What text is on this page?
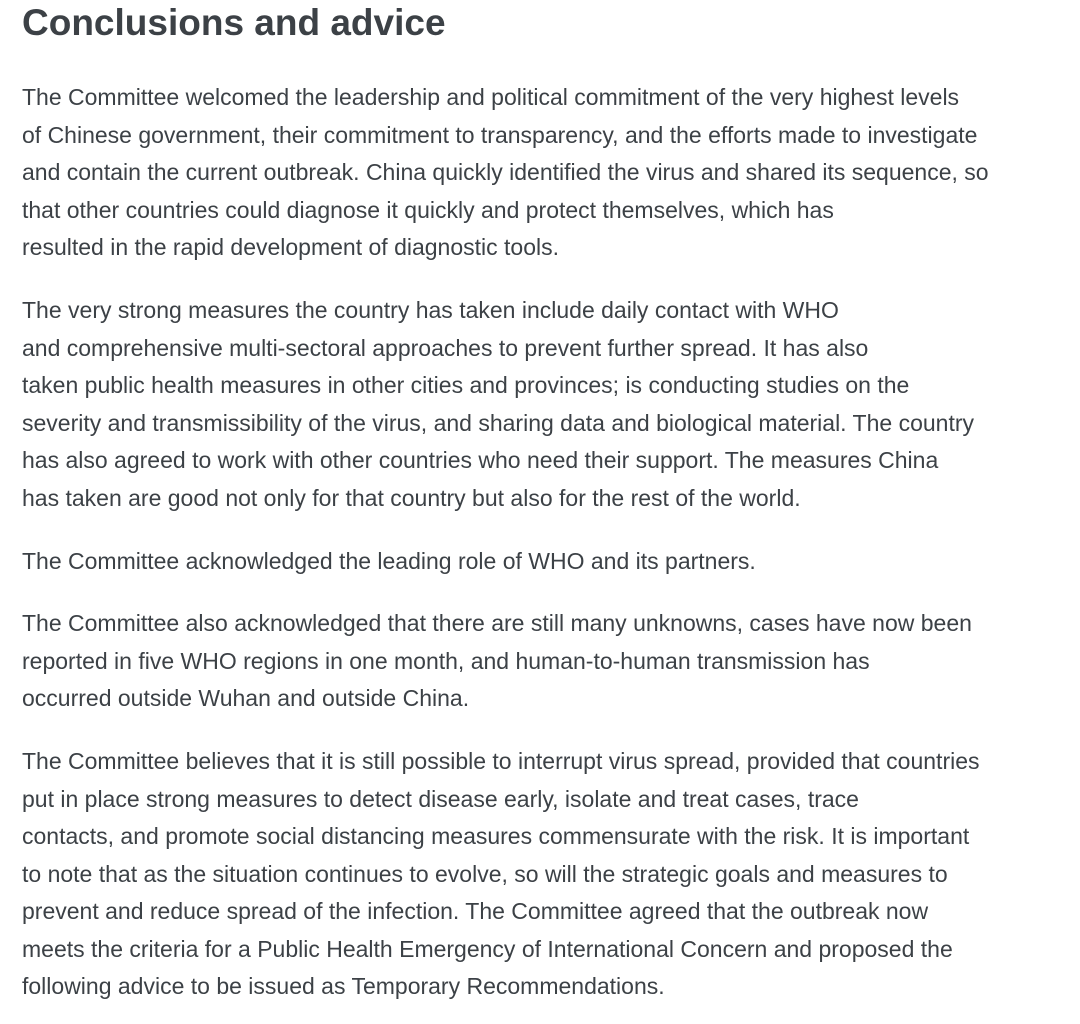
Conclusions and advice

The Committee welcomed the leadership and political commitment of the very highest levels
of Chinese government, their commitment to transparency, and the efforts made to investigate
and contain the current outbreak. China quickly identified the virus and shared its sequence, so
that other countries could diagnose it quickly and protect themselves, which has
resulted in the rapid development of diagnostic tools.

The very strong measures the country has taken include daily contact with WHO
and comprehensive multi-sectoral approaches to prevent further spread. It has also
taken public health measures in other cities and provinces; is conducting studies on the
severity and transmissibility of the virus, and sharing data and biological material. The country
has also agreed to work with other countries who need their support. The measures China
has taken are good not only for that country but also for the rest of the world.

The Committee acknowledged the leading role of WHO and its partners.

The Committee also acknowledged that there are still many unknowns, cases have now been
reported in five WHO regions in one month, and human-to-human transmission has
occurred outside Wuhan and outside China.

The Committee believes that it is still possible to interrupt virus spread, provided that countries
put in place strong measures to detect disease early, isolate and treat cases, trace
contacts, and promote social distancing measures commensurate with the risk. It is important
to note that as the situation continues to evolve, so will the strategic goals and measures to
prevent and reduce spread of the infection. The Committee agreed that the outbreak now
meets the criteria for a Public Health Emergency of International Concern and proposed the
following advice to be issued as Temporary Recommendations.
